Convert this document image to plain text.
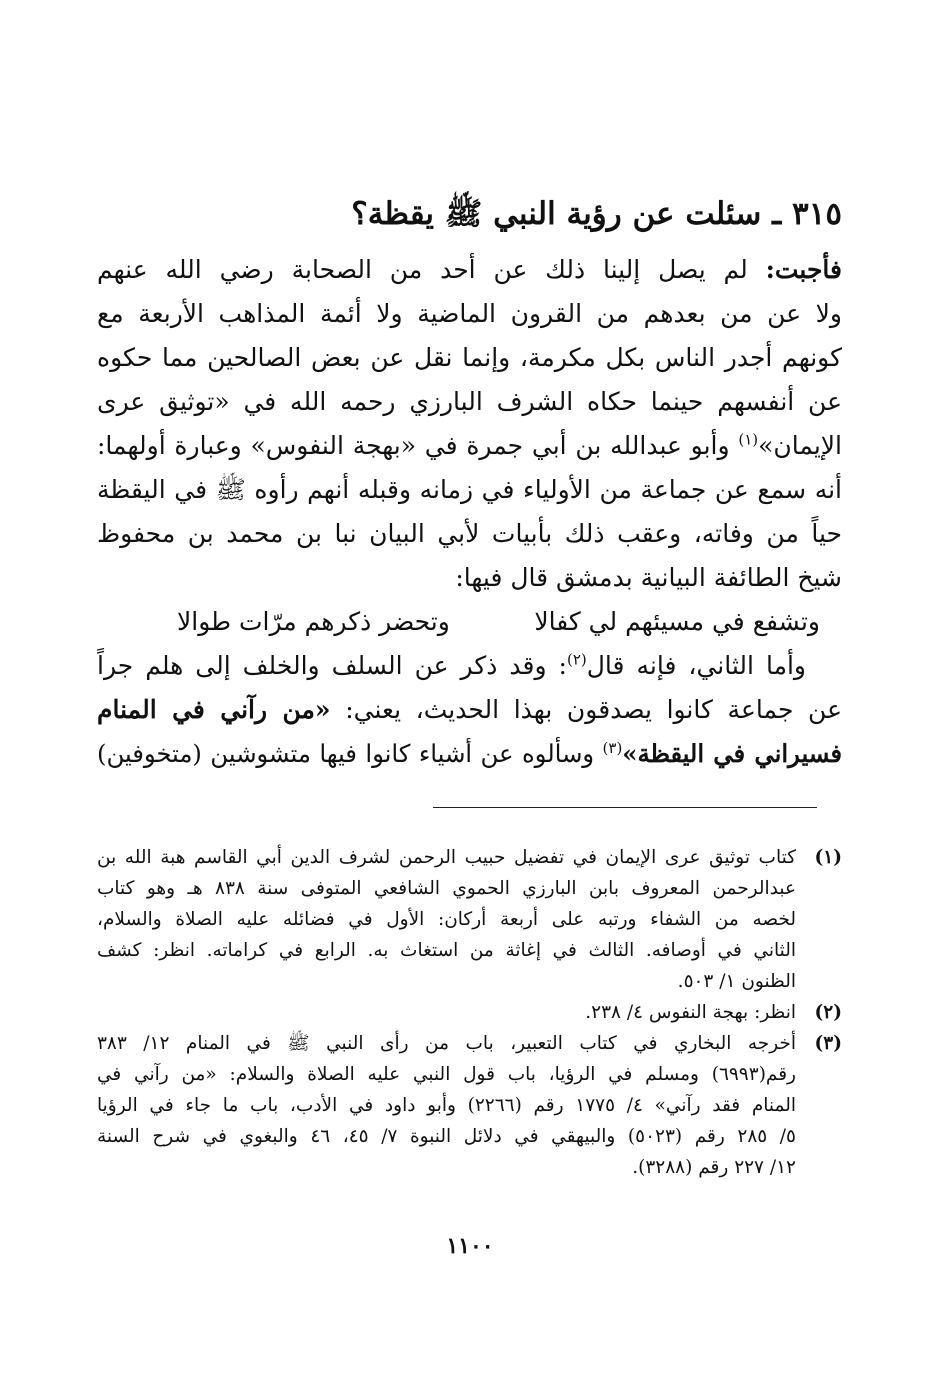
٣١٥ ـ سئلت عن رؤية النبي ﷺ يقظة؟
فأجبت: لم يصل إلينا ذلك عن أحد من الصحابة رضي الله عنهم
ولا عن من بعدهم من القرون الماضية ولا أئمة المذاهب الأربعة مع
كونهم أجدر الناس بكل مكرمة، وإنما نقل عن بعض الصالحين مما حكوه
عن أنفسهم حينما حكاه الشرف البارزي رحمه الله في «توثيق عرى
الإيمان»$^{(١)}$ وأبو عبدالله بن أبي جمرة في «بهجة النفوس» وعبارة أولهما:
أنه سمع عن جماعة من الأولياء في زمانه وقبله أنهم رأوه ﷺ في اليقظة
حياً من وفاته، وعقب ذلك بأبيات لأبي البيان نبا بن محمد بن محفوظ
شيخ الطائفة البيانية بدمشق قال فيها:
وتشفع في مسيئهم لي كفالا
وتحضر ذكرهم مرّات طوالا
وأما الثاني، فإنه قال$^{(٢)}$: وقد ذكر عن السلف والخلف إلى هلم جراً
عن جماعة كانوا يصدقون بهذا الحديث، يعني: «من رآني في المنام
فسيراني في اليقظة»$^{(٣)}$ وسألوه عن أشياء كانوا فيها متشوشين (متخوفين)
(١)
كتاب توثيق عرى الإيمان في تفضيل حبيب الرحمن لشرف الدين أبي القاسم هبة الله بن
عبدالرحمن المعروف بابن البارزي الحموي الشافعي المتوفى سنة ٨٣٨ هـ وهو كتاب
لخصه من الشفاء ورتبه على أربعة أركان: الأول في فضائله عليه الصلاة والسلام،
الثاني في أوصافه. الثالث في إغاثة من استغاث به. الرابع في كراماته. انظر: كشف
الظنون ١/ ٥٠٣.
(٢)
انظر: بهجة النفوس ٤/ ٢٣٨.
(٣)
أخرجه البخاري في كتاب التعبير، باب من رأى النبي ﷺ في المنام ١٢/ ٣٨٣
رقم(٦٩٩٣) ومسلم في الرؤيا، باب قول النبي عليه الصلاة والسلام: «من رآني في
المنام فقد رآني» ٤/ ١٧٧٥ رقم (٢٢٦٦) وأبو داود في الأدب، باب ما جاء في الرؤيا
٥/ ٢٨٥ رقم (٥٠٢٣) والبيهقي في دلائل النبوة ٧/ ٤٥، ٤٦ والبغوي في شرح السنة
١٢/ ٢٢٧ رقم (٣٢٨٨).
١١٠٠
